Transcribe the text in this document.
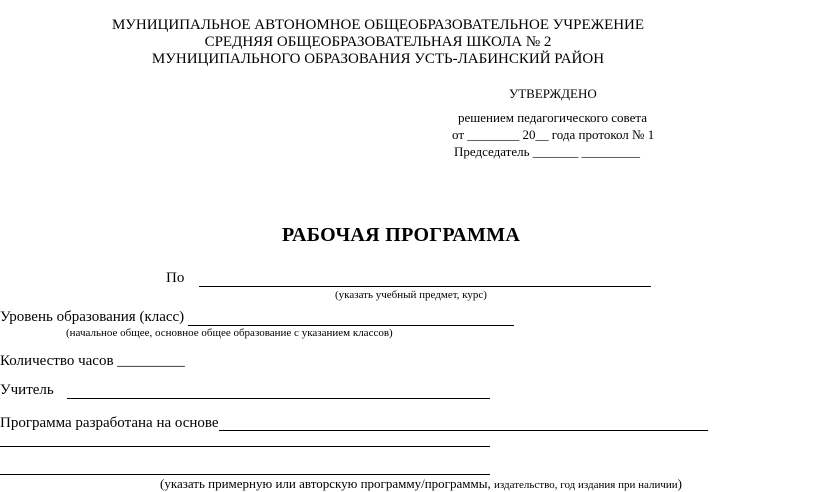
МУНИЦИПАЛЬНОЕ АВТОНОМНОЕ ОБЩЕОБРАЗОВАТЕЛЬНОЕ УЧРЕЖЕНИЕ
СРЕДНЯЯ ОБЩЕОБРАЗОВАТЕЛЬНАЯ ШКОЛА № 2
МУНИЦИПАЛЬНОГО ОБРАЗОВАНИЯ УСТЬ-ЛАБИНСКИЙ РАЙОН
УТВЕРЖДЕНО
решением педагогического совета
от ________ 20__ года протокол № 1
Председатель _______ _________
РАБОЧАЯ ПРОГРАММА
По
(указать учебный предмет, курс)
Уровень образования (класс)
(начальное общее, основное общее образование с указанием классов)
Количество часов _________
Учитель
Программа разработана на основе
(указать примерную или авторскую программу/программы, издательство, год издания при наличии)
